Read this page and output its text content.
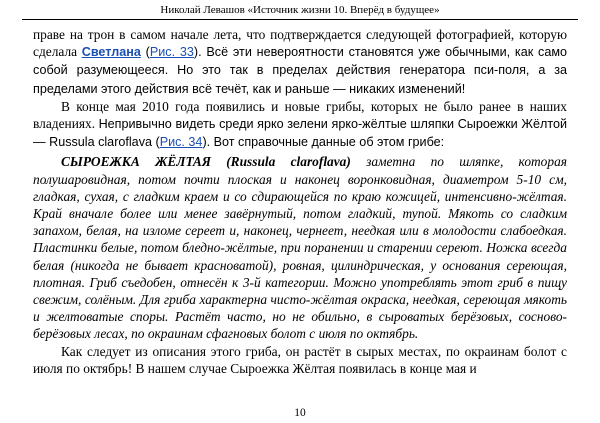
Николай Левашов «Источник жизни 10. Вперёд в будущее»

праве на трон в самом начале лета, что подтверждается следующей фотографией, которую сделала Светлана (Рис. 33). Всё эти невероятности становятся уже обычными, как само собой разумеющееся. Но это так в пределах действия генератора пси-поля, а за пределами этого действия всё течёт, как и раньше — никаких изменений!

В конце мая 2010 года появились и новые грибы, которых не было ранее в наших владениях. Непривычно видеть среди ярко зелени ярко-жёлтые шляпки Сыроежки Жёлтой — Russula claroflava (Рис. 34). Вот справочные данные об этом грибе:

СЫРОЕЖКА ЖЁЛТАЯ (Russula claroflava) заметна по шляпке, которая полушаровидная, потом почти плоская и наконец воронковидная, диаметром 5-10 см, гладкая, сухая, с гладким краем и со сдирающейся по краю кожицей, интенсивно-жёлтая. Край вначале более или менее завёрнутый, потом гладкий, тупой. Мякоть со сладким запахом, белая, на изломе сереет и, наконец, чернеет, неедкая или в молодости слабоедкая. Пластинки белые, потом бледно-жёлтые, при поранении и старении сереют. Ножка всегда белая (никогда не бывает красноватой), ровная, цилиндрическая, у основания сереющая, плотная. Гриб съедобен, отнесён к 3-й категории. Можно употреблять этот гриб в пищу свежим, солёным. Для гриба характерна чисто-жёлтая окраска, неедкая, сереющая мякоть и желтоватые споры. Растёт часто, но не обильно, в сыроватых берёзовых, сосново-берёзовых лесах, по окраинам сфагновых болот с июля по октябрь.

Как следует из описания этого гриба, он растёт в сырых местах, по окраинам болот с июля по октябрь! В нашем случае Сыроежка Жёлтая появилась в конце мая и

10
